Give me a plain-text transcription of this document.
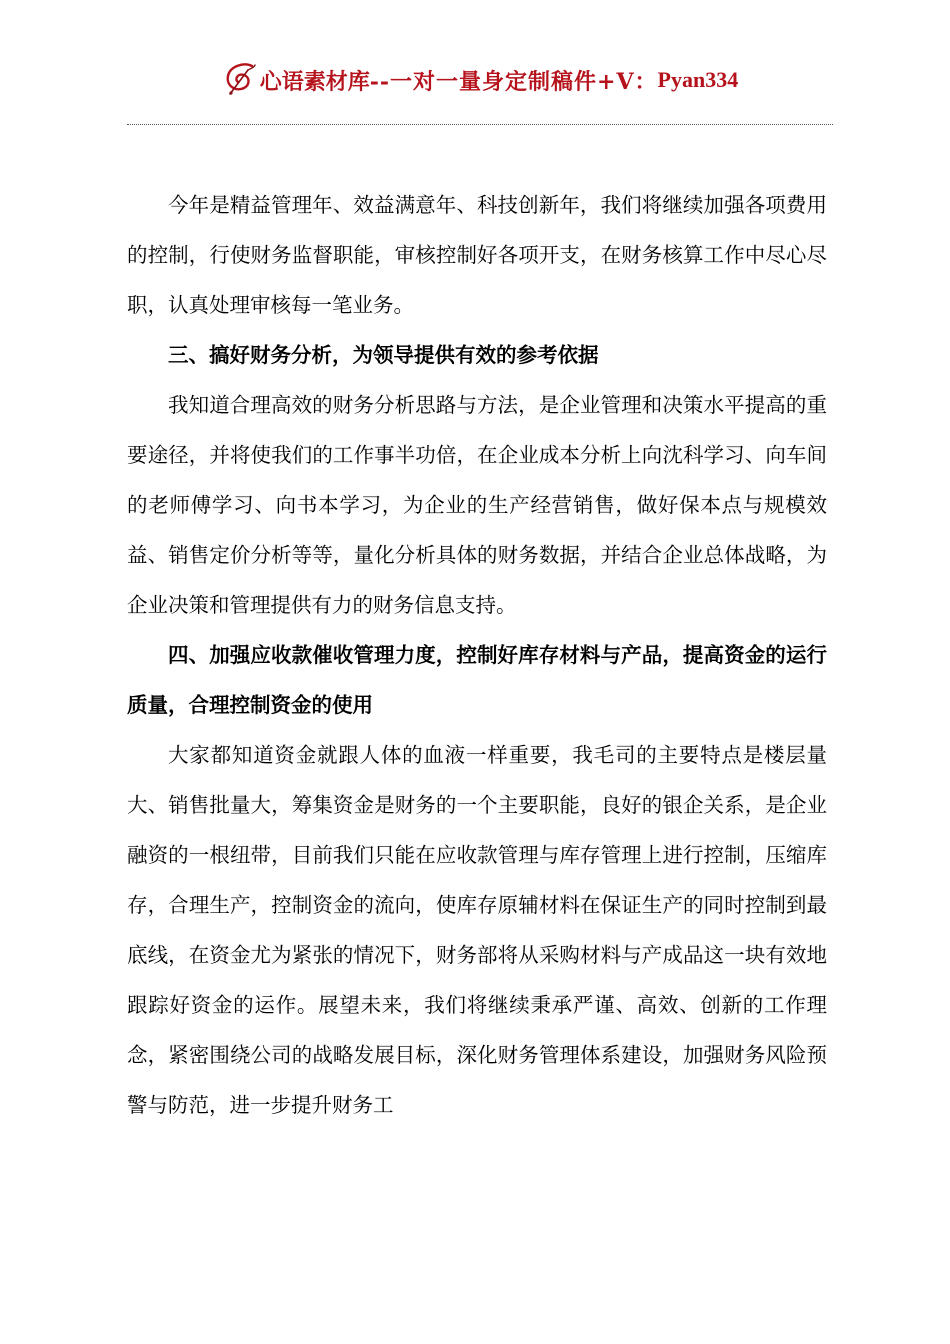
心语素材库 --一对一量身定制稿件+V： Pyan334

今年是精益管理年、效益满意年、科技创新年，我们将继续加强各项费用的控制，行使财务监督职能，审核控制好各项开支，在财务核算工作中尽心尽职，认真处理审核每一笔业务。

三、搞好财务分析，为领导提供有效的参考依据

我知道合理高效的财务分析思路与方法，是企业管理和决策水平提高的重要途径，并将使我们的工作事半功倍，在企业成本分析上向沈科学习、向车间的老师傅学习、向书本学习，为企业的生产经营销售，做好保本点与规模效益、销售定价分析等等，量化分析具体的财务数据，并结合企业总体战略，为企业决策和管理提供有力的财务信息支持。

四、加强应收款催收管理力度，控制好库存材料与产品，提高资金的运行质量，合理控制资金的使用

大家都知道资金就跟人体的血液一样重要，我毛司的主要特点是楼层量大、销售批量大，筹集资金是财务的一个主要职能，良好的银企关系，是企业融资的一根纽带，目前我们只能在应收款管理与库存管理上进行控制，压缩库存，合理生产，控制资金的流向，使库存原辅材料在保证生产的同时控制到最底线，在资金尤为紧张的情况下，财务部将从采购材料与产成品这一块有效地跟踪好资金的运作。展望未来，我们将继续秉承严谨、高效、创新的工作理念，紧密围绕公司的战略发展目标，深化财务管理体系建设，加强财务风险预警与防范，进一步提升财务工
